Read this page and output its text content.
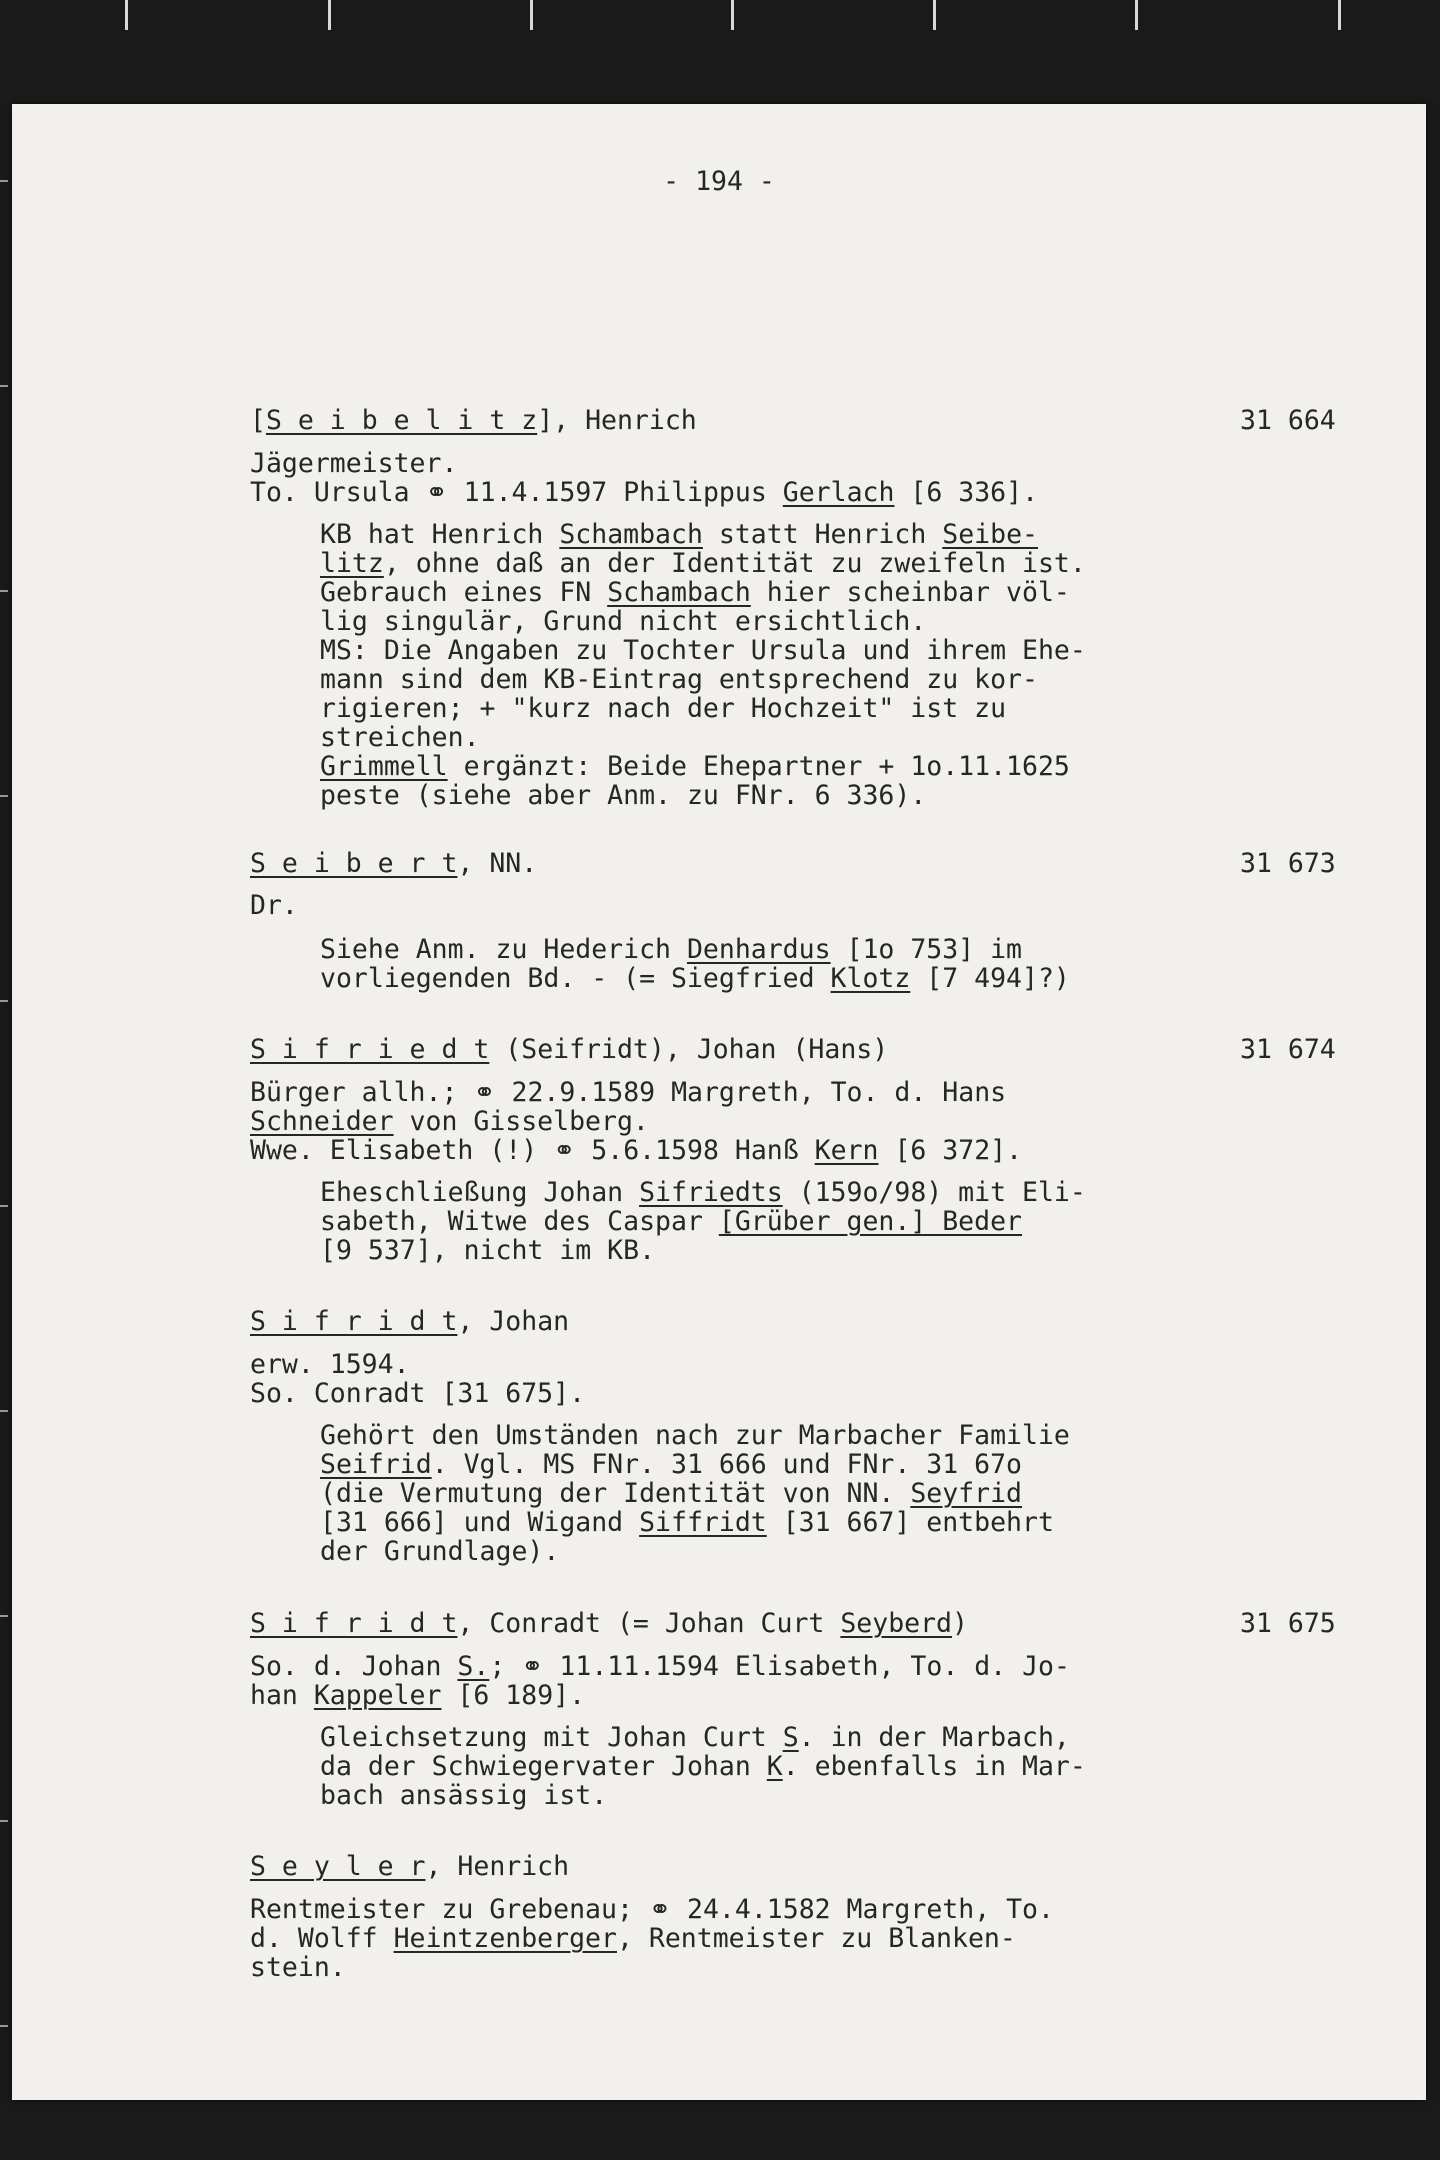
- 194 -
[S e i b e l i t z], Henrich
Jägermeister.
To. Ursula ⚭ 11.4.1597 Philippus Gerlach [6 336].
KB hat Henrich Schambach statt Henrich Seibe-
litz, ohne daß an der Identität zu zweifeln ist.
Gebrauch eines FN Schambach hier scheinbar völ-
lig singulär, Grund nicht ersichtlich.
MS: Die Angaben zu Tochter Ursula und ihrem Ehe-
mann sind dem KB-Eintrag entsprechend zu kor-
rigieren; + "kurz nach der Hochzeit" ist zu
streichen.
Grimmell ergänzt: Beide Ehepartner + 1o.11.1625
peste (siehe aber Anm. zu FNr. 6 336).
31 664
S e i b e r t, NN.
Dr.
Siehe Anm. zu Hederich Denhardus [1o 753] im
vorliegenden Bd. - (= Siegfried Klotz [7 494]?)
31 673
S i f r i e d t (Seifridt), Johan (Hans)
Bürger allh.; ⚭ 22.9.1589 Margreth, To. d. Hans
Schneider von Gisselberg.
Wwe. Elisabeth (!) ⚭ 5.6.1598 Hanß Kern [6 372].
Eheschließung Johan Sifriedts (159o/98) mit Eli-
sabeth, Witwe des Caspar [Grüber gen.] Beder
[9 537], nicht im KB.
31 674
S i f r i d t, Johan
erw. 1594.
So. Conradt [31 675].
Gehört den Umständen nach zur Marbacher Familie
Seifrid. Vgl. MS FNr. 31 666 und FNr. 31 67o
(die Vermutung der Identität von NN. Seyfrid
[31 666] und Wigand Siffridt [31 667] entbehrt
der Grundlage).
S i f r i d t, Conradt (= Johan Curt Seyberd)
So. d. Johan S.; ⚭ 11.11.1594 Elisabeth, To. d. Jo-
han Kappeler [6 189].
Gleichsetzung mit Johan Curt S. in der Marbach,
da der Schwiegervater Johan K. ebenfalls in Mar-
bach ansässig ist.
31 675
S e y l e r, Henrich
Rentmeister zu Grebenau; ⚭ 24.4.1582 Margreth, To.
d. Wolff Heintzenberger, Rentmeister zu Blanken-
stein.
